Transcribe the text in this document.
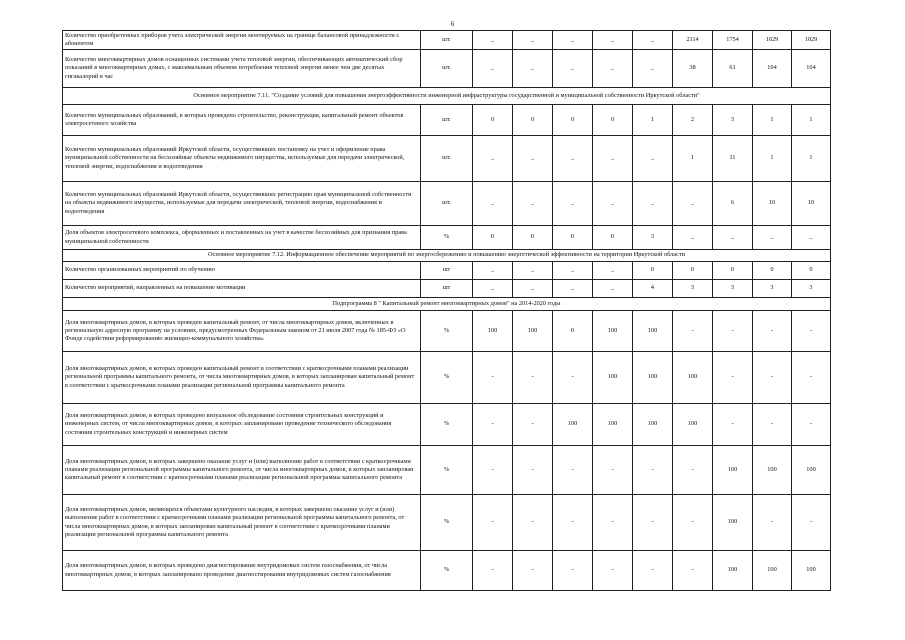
6
Количество приобретенных приборов учета электрической энергии монтируемых на границе балансовой принадлежности с абонентом	шт.	_	_	_	_	_	2114	1754	1029	1029
Количество многоквартирных домов оснащенных системами учета тепловой энергии, обеспечивающих автоматический сбор показаний в многоквартирных домах, с максимальным объемом потребления тепловой энергии менее чем две десятых гигакалорий в час	шт.	_	_	_	_	_	38	61	104	104
Основное мероприятие 7.11. "Создание условий для повышения энергоэффективности инженерной инфраструктуры государственной и муниципальной собственности Иркутской области"										
Количество муниципальных образований, в которых проведено строительство, реконструкция, капитальный ремонт объектов электросетевого хозяйства	шт.	0	0	0	0	1	2	3	1	1
Количество муниципальных образований Иркутской области, осуществивших постановку на учет и оформление права муниципальной собственности на бесхозяйные объекты недвижимого имущества, используемые для передачи электрической, тепловой энергии, водоснабжения и водоотведения	шт.	_	_	_	_	_	1	11	1	1
Количество муниципальных образований Иркутской области, осуществивших регистрацию прав муниципальной собственности на объекты недвижимого имущества, используемые для передачи электрической, тепловой энергии, водоснабжения и водоотведения	шт.	_	_	_	_	_	_	6	10	10
Доля объектов электросетевого комплекса, оформленных и поставленных на учет в качестве бесхозяйных для признания права муниципальной собственности	%	0	0	0	0	3	_	_	_	_
Основное мероприятие 7.12. Информационное обеспечение мероприятий по энергосбережению и повышению энергетической эффективности на территории Иркутской области										
Количество организованных мероприятий по обучению	шт	_	_	_	_	0	0	0	0	0
Количество мероприятий, направленных на повышение мотивации	шт	_	_	_	_	4	3	3	3	3
Подпрограмма 8 " Капитальный ремонт многоквартирных домов" на 2014-2020 годы										
Доля многоквартирных домов, в которых проведен капитальный ремонт, от числа многоквартирных домов, включенных в региональную адресную программу на условиях, предусмотренных Федеральным законом от 21 июля 2007 года № 185-ФЗ «О Фонде содействия реформированию жилищно-коммунального хозяйства»	%	100	100	0	100	100	-	-	-	-
Доля многоквартирных домов, в которых проведен капитальный ремонт в соответствии с краткосрочными планами реализации региональной программы капитального ремонта, от числа многоквартирных домов, в которых запланирован капитальный ремонт в соответствии с краткосрочными планами реализации региональной программы капитального ремонта	%	-	-	-	100	100	100	-	-	-
Доля многоквартирных домов, в которых проведено визуальное обследование состояния строительных конструкций и инженерных систем, от числа многоквартирных домов, в которых запланировано проведение технического обследования состояния строительных конструкций и инженерных систем	%	-	-	100	100	100	100	-	-	-
Доля многоквартирных домов, в которых завершено оказание услуг и (или) выполнение работ в соответствии с краткосрочными планами реализации региональной программы капитального ремонта, от числа многоквартирных домов, в которых запланирован капитальный ремонт в соответствии с краткосрочными планами реализации региональной программы капитального ремонта	%	-	-	-	-	-	-	100	100	100
Доля многоквартирных домов, являющихся объектами культурного наследия, в которых завершено оказание услуг и (или) выполнение работ в соответствии с краткосрочными планами реализации региональной программы капитального ремонта, от числа многоквартирных домов, в которых запланирован капитальный ремонт в соответствии с краткосрочными планами реализации региональной программы капитального ремонта	%	-	-	-	-	-	-	100	-	-
Доля многоквартирных домов, в которых проведено диагностирование внутридомовых систем газоснабжения, от числа многоквартирных домов, в которых запланировано проведение диагностирования внутридомовых систем газоснабжения	%	-	-	-	-	-	-	100	100	100
